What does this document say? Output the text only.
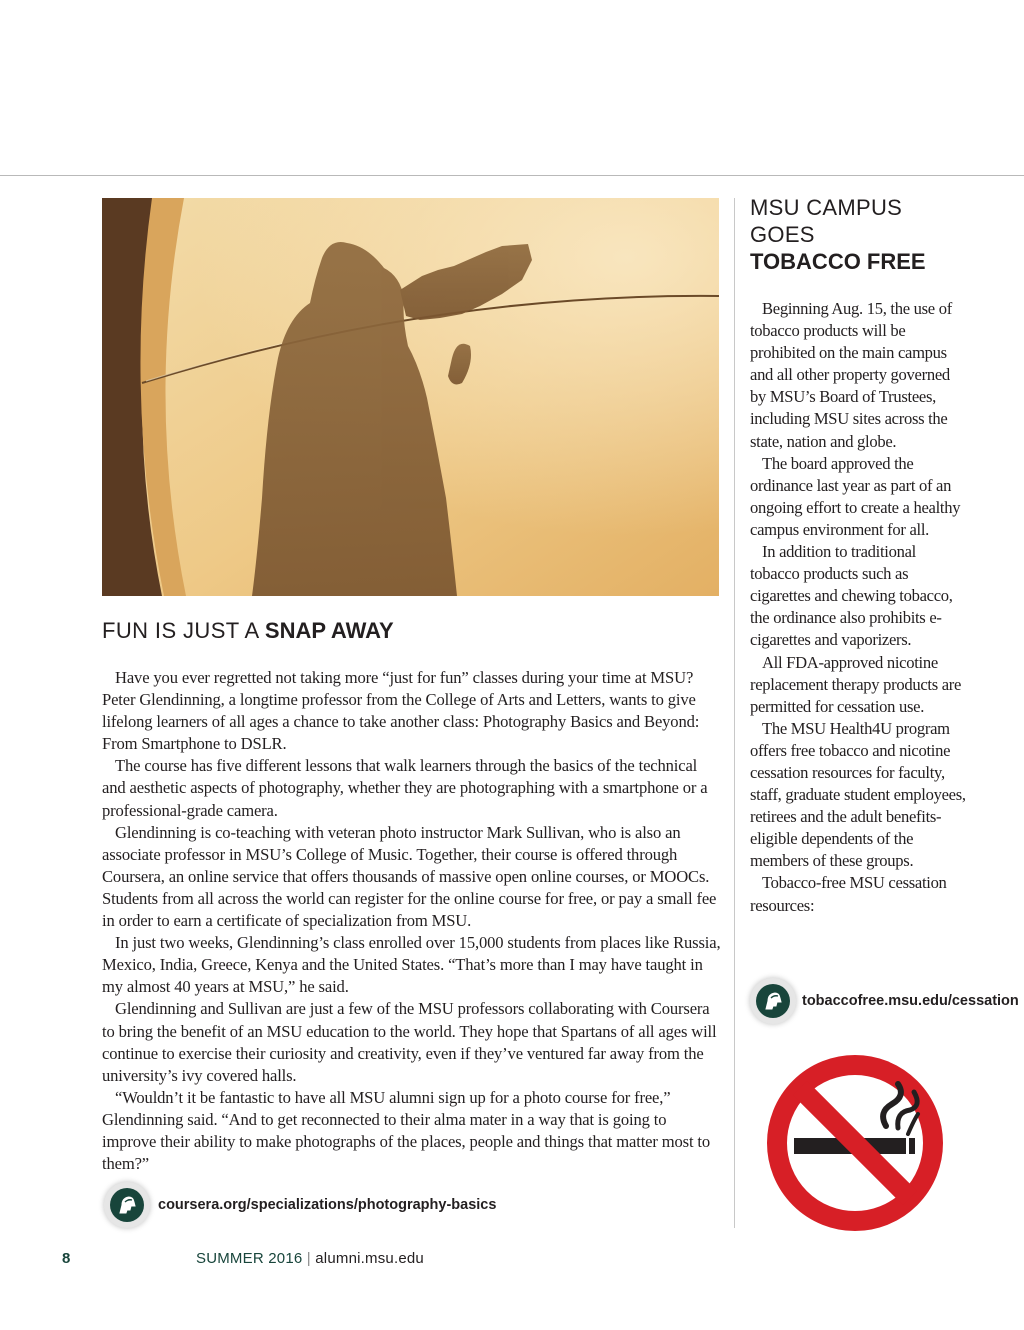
FUN IS JUST A SNAP AWAY

Have you ever regretted not taking more “just for fun” classes during your time at MSU? Peter Glendinning, a longtime professor from the College of Arts and Letters, wants to give lifelong learners of all ages a chance to take another class: Photography Basics and Beyond: From Smartphone to DSLR.

The course has five different lessons that walk learners through the basics of the technical and aesthetic aspects of photography, whether they are photographing with a smartphone or a professional-grade camera.

Glendinning is co-teaching with veteran photo instructor Mark Sullivan, who is also an associate professor in MSU’s College of Music. Together, their course is offered through Coursera, an online service that offers thousands of massive open online courses, or MOOCs. Students from all across the world can register for the online course for free, or pay a small fee in order to earn a certificate of specialization from MSU.

In just two weeks, Glendinning’s class enrolled over 15,000 students from places like Russia, Mexico, India, Greece, Kenya and the United States. “That’s more than I may have taught in my almost 40 years at MSU,” he said.

Glendinning and Sullivan are just a few of the MSU professors collaborating with Coursera to bring the benefit of an MSU education to the world. They hope that Spartans of all ages will continue to exercise their curiosity and creativity, even if they’ve ventured far away from the university’s ivy covered halls.

“Wouldn’t it be fantastic to have all MSU alumni sign up for a photo course for free,” Glendinning said. “And to get reconnected to their alma mater in a way that is going to improve their ability to make photographs of the places, people and things that matter most to them?”

coursera.org/specializations/photography-basics
MSU CAMPUS
GOES
TOBACCO FREE

Beginning Aug. 15, the use of tobacco products will be prohibited on the main campus and all other property governed by MSU’s Board of Trustees, including MSU sites across the state, nation and globe.

The board approved the ordinance last year as part of an ongoing effort to create a healthy campus environment for all.

In addition to traditional tobacco products such as cigarettes and chewing tobacco, the ordinance also prohibits e-cigarettes and vaporizers.

All FDA-approved nicotine replacement therapy products are permitted for cessation use.

The MSU Health4U program offers free tobacco and nicotine cessation resources for faculty, staff, graduate student employees, retirees and the adult benefits-eligible dependents of the members of these groups.

Tobacco-free MSU cessation resources:

tobaccofree.msu.edu/cessation
8	SUMMER 2016 | alumni.msu.edu
